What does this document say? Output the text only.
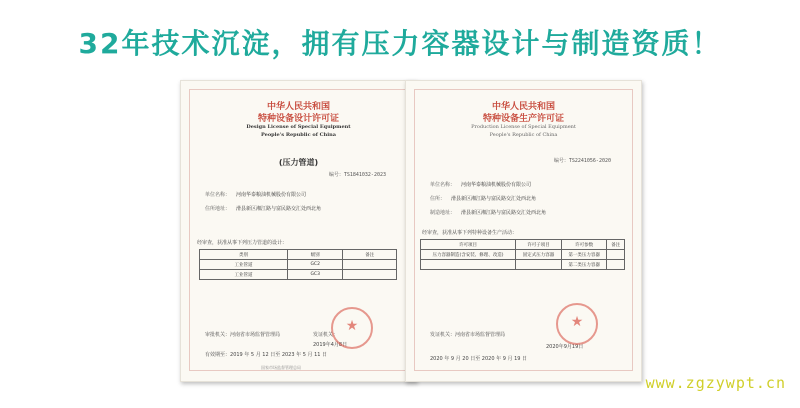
32年技术沉淀，拥有压力容器设计与制造资质！
中华人民共和国
特种设备设计许可证
Design License of Special Equipment
People's Republic of China
(压力管道)
编号：TS1841032-2023
单位名称： 河南华泰粮油机械股份有限公司
住所地址： 滑县新区湘江路与富民路交汇处西北角
经审查，获准从事下列压力管道的设计：
类别	级别	备注
工业管道	GC2	
工业管道	GC3	
审批机关：河南省市场监督管理局	发证机关：
2019年4月8日
有效期至：2019 年 5 月 12 日至 2023 年 5 月 11 日
国家市场监督管理总局
★
中华人民共和国
特种设备生产许可证
Production License of Special Equipment
People's Republic of China
编号：TS2241056-2020
单位名称： 河南华泰粮油机械股份有限公司
住所： 滑县新区湘江路与富民路交汇处西北角
制造地址： 滑县新区湘江路与富民路交汇处西北角
经审查，获准从事下列特种设备生产活动：
许可项目	许可子项目	许可参数	备注
压力容器制造(含安装、修理、改造)	固定式压力容器	第一类压力容器	
		第二类压力容器	
发证机关：河南省市场监督管理局
2020年9月19日
2020 年 9 月 20 日至 2020 年 9 月 19 日
★
www.zgzywpt.cn
